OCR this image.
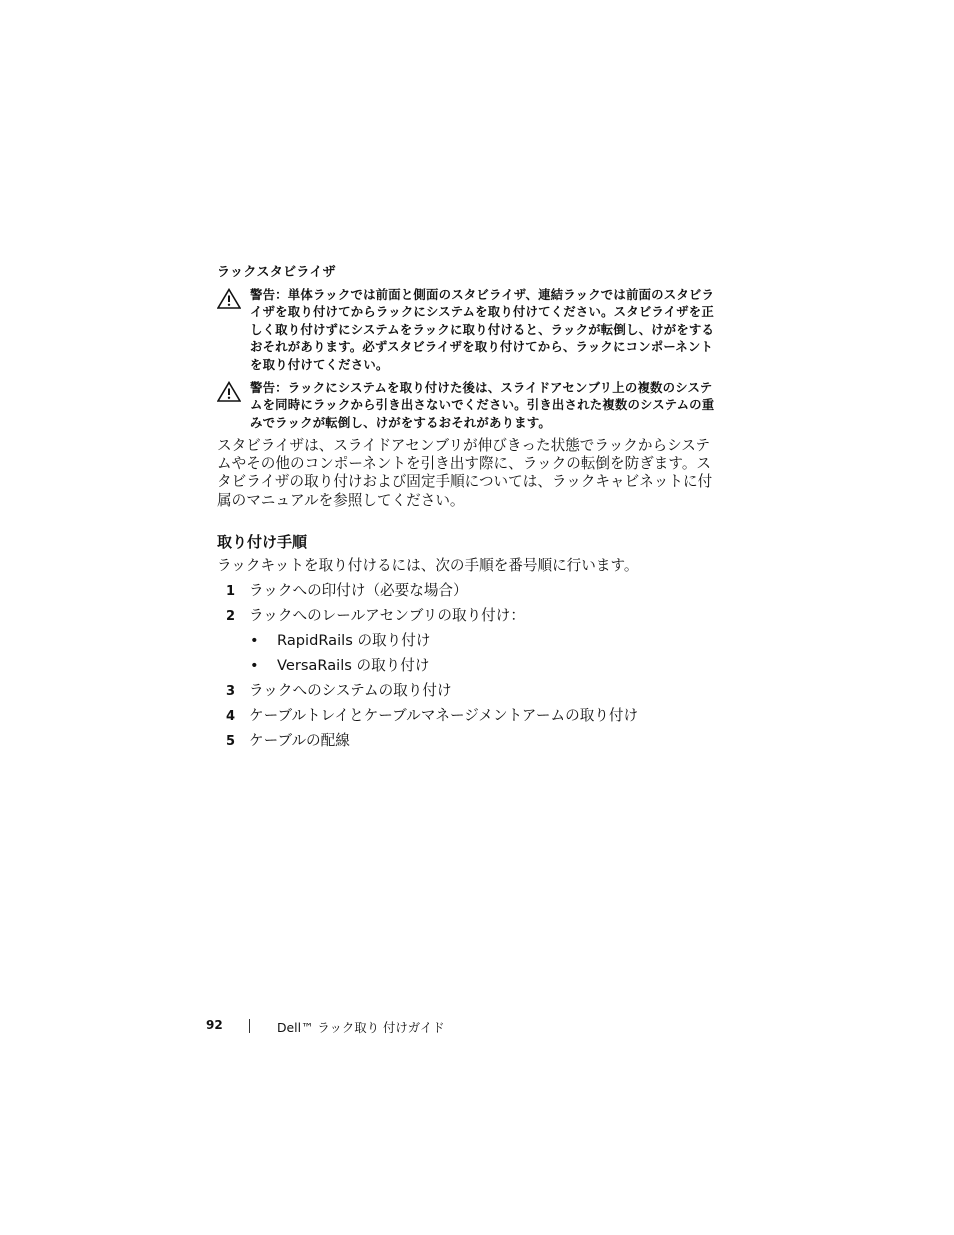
ラックスタビライザ
警告：単体ラックでは前面と側面のスタビライザ、連結ラックでは前面のスタビライザを取り付けてからラックにシステムを取り付けてください。スタビライザを正しく取り付けずにシステムをラックに取り付けると、ラックが転倒し、けがをするおそれがあります。必ずスタビライザを取り付けてから、ラックにコンポーネントを取り付けてください。
警告：ラックにシステムを取り付けた後は、スライドアセンブリ上の複数のシステムを同時にラックから引き出さないでください。引き出された複数のシステムの重みでラックが転倒し、けがをするおそれがあります。
スタビライザは、スライドアセンブリが伸びきった状態でラックからシステムやその他のコンポーネントを引き出す際に、ラックの転倒を防ぎます。スタビライザの取り付けおよび固定手順については、ラックキャビネットに付属のマニュアルを参照してください。
取り付け手順
ラックキットを取り付けるには、次の手順を番号順に行います。
1 ラックへの印付け（必要な場合）
2 ラックへのレールアセンブリの取り付け：
• RapidRails の取り付け
• VersaRails の取り付け
3 ラックへのシステムの取り付け
4 ケーブルトレイとケーブルマネージメントアームの取り付け
5 ケーブルの配線
92	Dell™ ラック取り 付けガイド
